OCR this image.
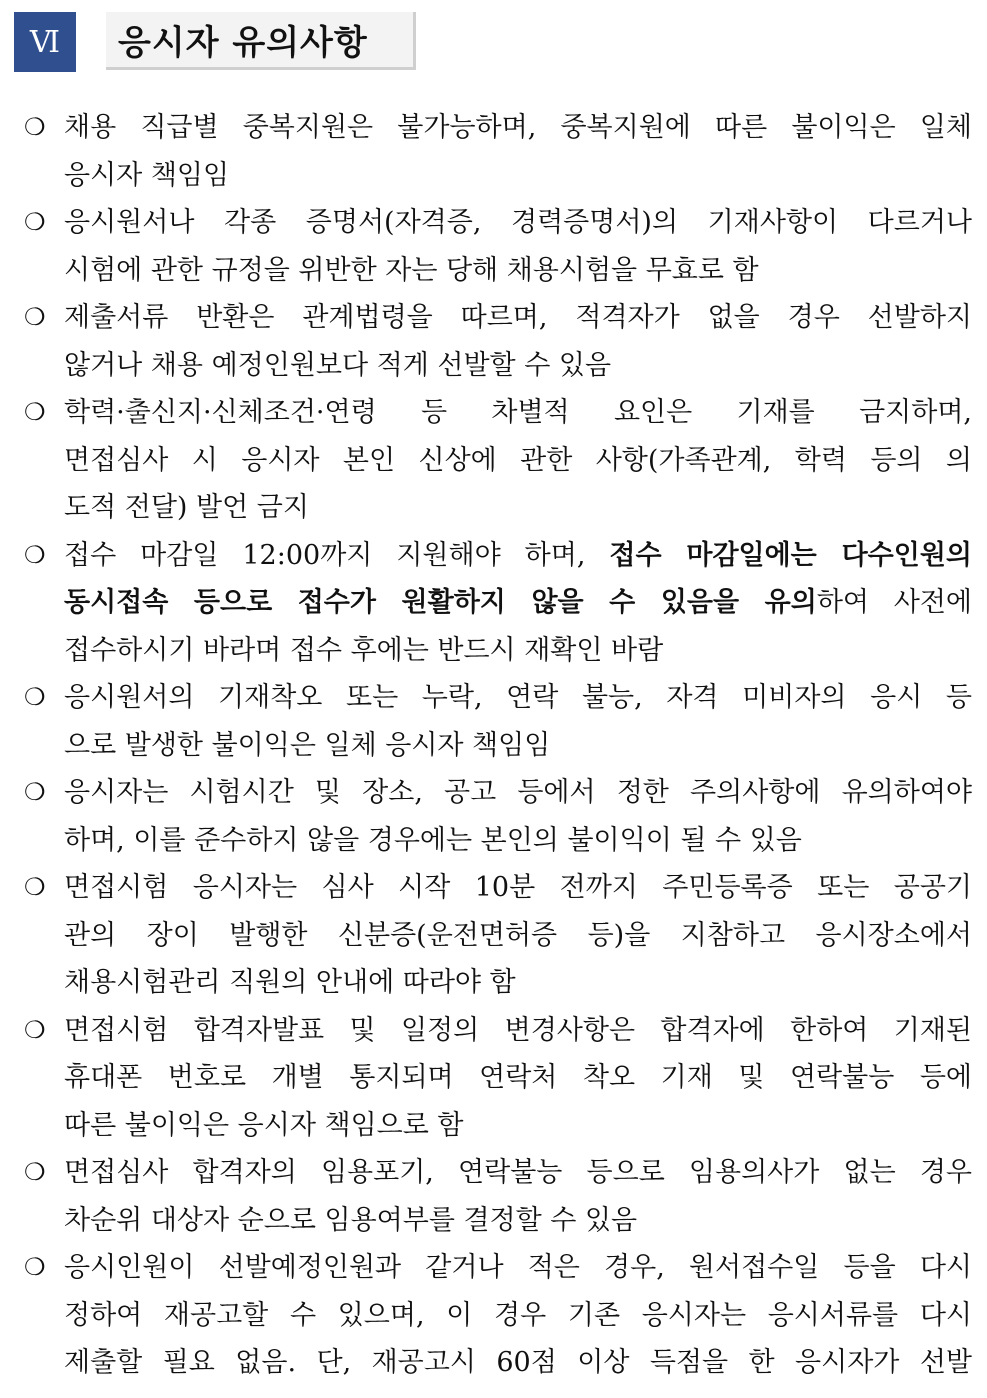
Ⅵ 응시자 유의사항
❍ 채용 직급별 중복지원은 불가능하며, 중복지원에 따른 불이익은 일체
응시자 책임임
❍ 응시원서나 각종 증명서(자격증, 경력증명서)의 기재사항이 다르거나
시험에 관한 규정을 위반한 자는 당해 채용시험을 무효로 함
❍ 제출서류 반환은 관계법령을 따르며, 적격자가 없을 경우 선발하지
않거나 채용 예정인원보다 적게 선발할 수 있음
❍ 학력·출신지·신체조건·연령 등 차별적 요인은 기재를 금지하며,
면접심사 시 응시자 본인 신상에 관한 사항(가족관계, 학력 등의 의
도적 전달) 발언 금지
❍ 접수 마감일 12:00까지 지원해야 하며, 접수 마감일에는 다수인원의
동시접속 등으로 접수가 원활하지 않을 수 있음을 유의하여 사전에
접수하시기 바라며 접수 후에는 반드시 재확인 바람
❍ 응시원서의 기재착오 또는 누락, 연락 불능, 자격 미비자의 응시 등
으로 발생한 불이익은 일체 응시자 책임임
❍ 응시자는 시험시간 및 장소, 공고 등에서 정한 주의사항에 유의하여야
하며, 이를 준수하지 않을 경우에는 본인의 불이익이 될 수 있음
❍ 면접시험 응시자는 심사 시작 10분 전까지 주민등록증 또는 공공기
관의 장이 발행한 신분증(운전면허증 등)을 지참하고 응시장소에서
채용시험관리 직원의 안내에 따라야 함
❍ 면접시험 합격자발표 및 일정의 변경사항은 합격자에 한하여 기재된
휴대폰 번호로 개별 통지되며 연락처 착오 기재 및 연락불능 등에
따른 불이익은 응시자 책임으로 함
❍ 면접심사 합격자의 임용포기, 연락불능 등으로 임용의사가 없는 경우
차순위 대상자 순으로 임용여부를 결정할 수 있음
❍ 응시인원이 선발예정인원과 같거나 적은 경우, 원서접수일 등을 다시
정하여 재공고할 수 있으며, 이 경우 기존 응시자는 응시서류를 다시
제출할 필요 없음. 단, 재공고시 60점 이상 득점을 한 응시자가 선발
